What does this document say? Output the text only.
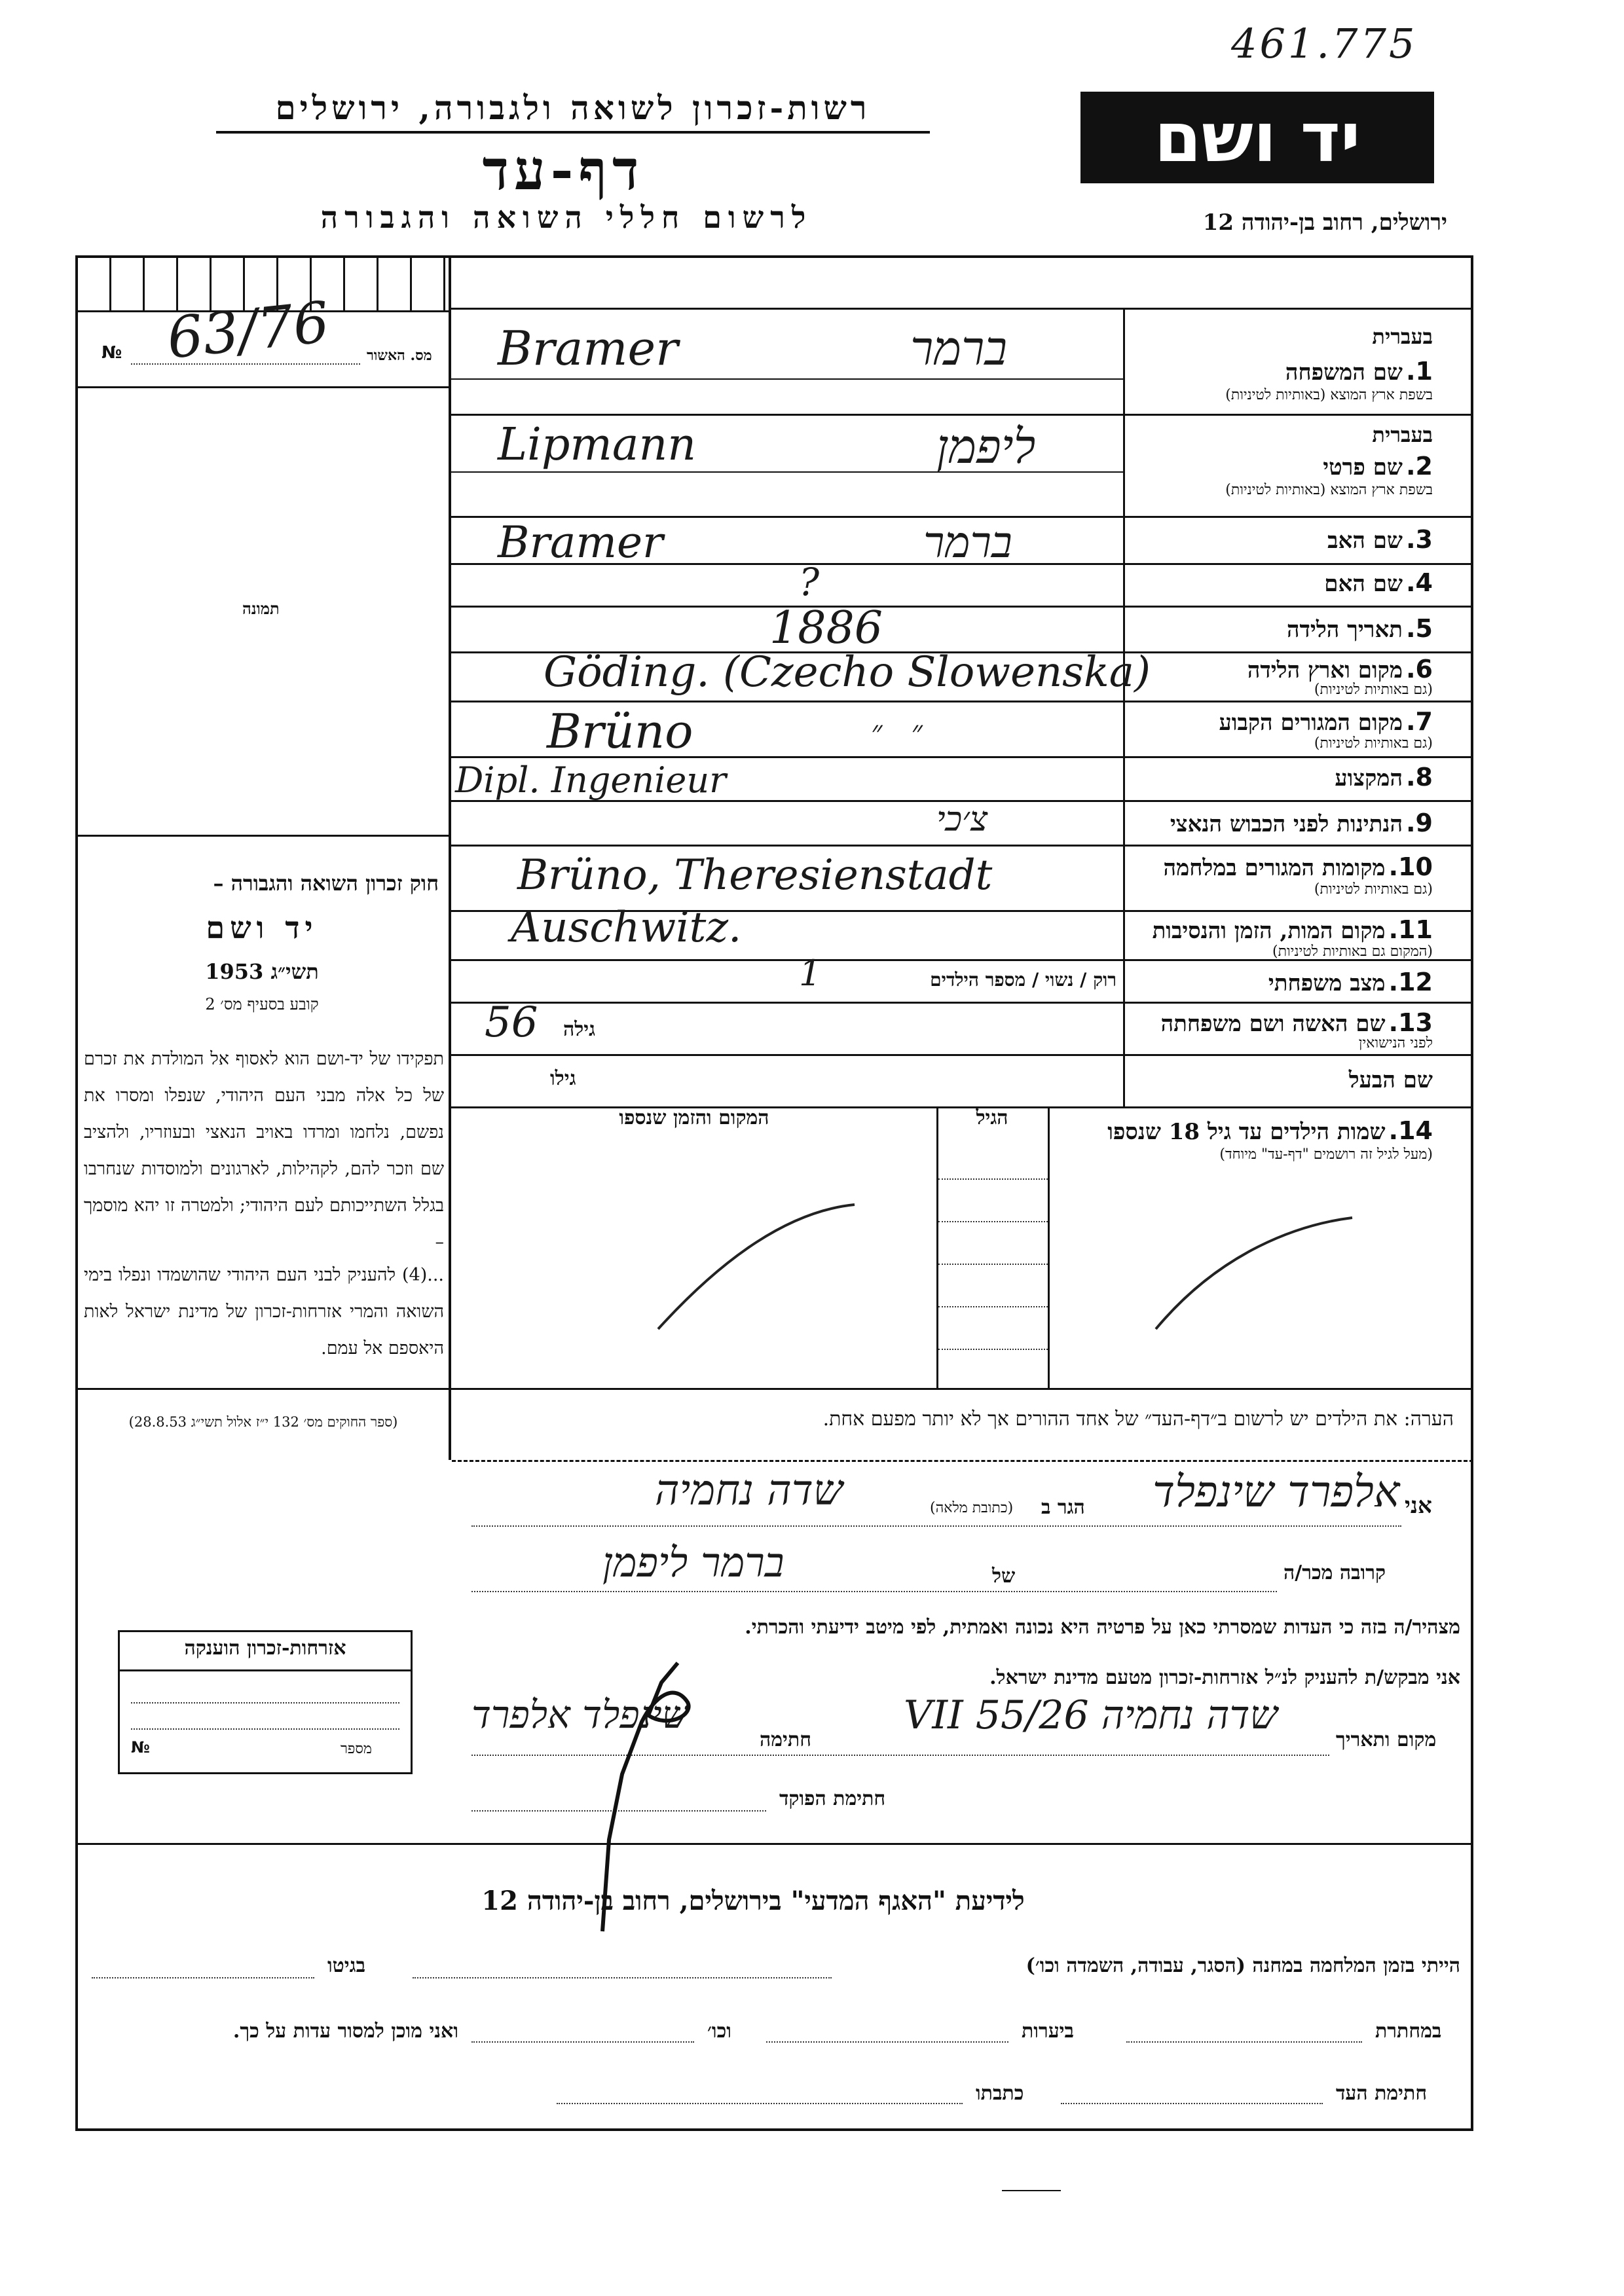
461.775
רשות-זכרון לשואה ולגבורה, ירושלים
דף-עד
לרשום חללי השואה והגבורה
יד ושם
ירושלים, רחוב בן-יהודה 12
מס. האשור
№ 63/76
תמונה
חוק זכרון השואה והגבורה –
יד ושם
תשי״ג 1953
קובע בסעיף מס׳ 2
תפקידו של יד-ושם הוא לאסוף אל המולדת את זכרם של כל אלה מבני העם היהודי, שנפלו ומסרו את נפשם, נלחמו ומרדו באויב הנאצי ובעוזריו, ולהציב שם וזכר להם, לקהילות, לארגונים ולמוסדות שנחרבו בגלל השתייכותם לעם היהודי; ולמטרה זו יהא מוסמך –
...(4) להעניק לבני העם היהודי שהושמדו ונפלו בימי השואה והמרי אזרחות-זכרון של מדינת ישראל לאות היאספם אל עמם.
(ספר החוקים מס׳ 132 י״ז אלול תשי״ג 28.8.53)
בעברית
1. שם המשפחה
בשפת ארץ המוצא (באותיות לטיניות)
Bramer	ברמר
בעברית
2. שם פרטי
בשפת ארץ המוצא (באותיות לטיניות)
Lipmann	ליפמן
3. שם האב
Bramer	ברמר
4. שם האם
?
5. תאריך הלידה
1886
6. מקום וארץ הלידה
(גם באותיות לטיניות)
Göding. (Czecho Slowenska)
7. מקום המגורים הקבוע
(גם באותיות לטיניות)
Brüno	״   ״
8. המקצוע
Dipl. Ingenieur
9. הנתינות לפני הכבוש הנאצי
צ׳כי
10. מקומות המגורים במלחמה
(גם באותיות לטיניות)
Brüno, Theresienstadt
11. מקום המות, הזמן והנסיבות
(המקום גם באותיות לטיניות)
Auschwitz.
12. מצב משפחתי
רוק / נשוי / מספר הילדים
1
13. שם האשה ושם משפחתה
לפני הנישואין
גילה
56
שם הבעל
גילו
14. שמות הילדים עד גיל 18 שנספו
(מעל לגיל זה רושמים "דף-עד" מיוחד)
הגיל
המקום והזמן שנספו
הערה: את הילדים יש לרשום ב״דף-העד״ של אחד ההורים אך לא יותר מפעם אחת.
אני
אלפרד שינפלד
הגר ב
(כתובת מלאה)
שדה נחמיה
קרובה מכר/ה
של
ברמר ליפמן
מצהיר/ה בזה כי העדות שמסרתי כאן על פרטיה היא נכונה ואמתית, לפי מיטב ידיעתי והכרתי.
אני מבקש/ת להעניק לנ״ל אזרחות-זכרון מטעם מדינת ישראל.
מקום ותאריך
שדה נחמיה 26/VII 55
חתימה
שינפלד אלפרד
חתימת הפוקד
אזרחות-זכרון הוענקה
מספר
№
לידיעת "האגף המדעי" בירושלים, רחוב בן-יהודה 12
הייתי בזמן המלחמה במחנה (הסגר, עבודה, השמדה וכו׳)
בגיטו
במחתרת
ביערות
וכו׳
ואני מוכן למסור עדות על כך.
חתימת העד
כתבתו
